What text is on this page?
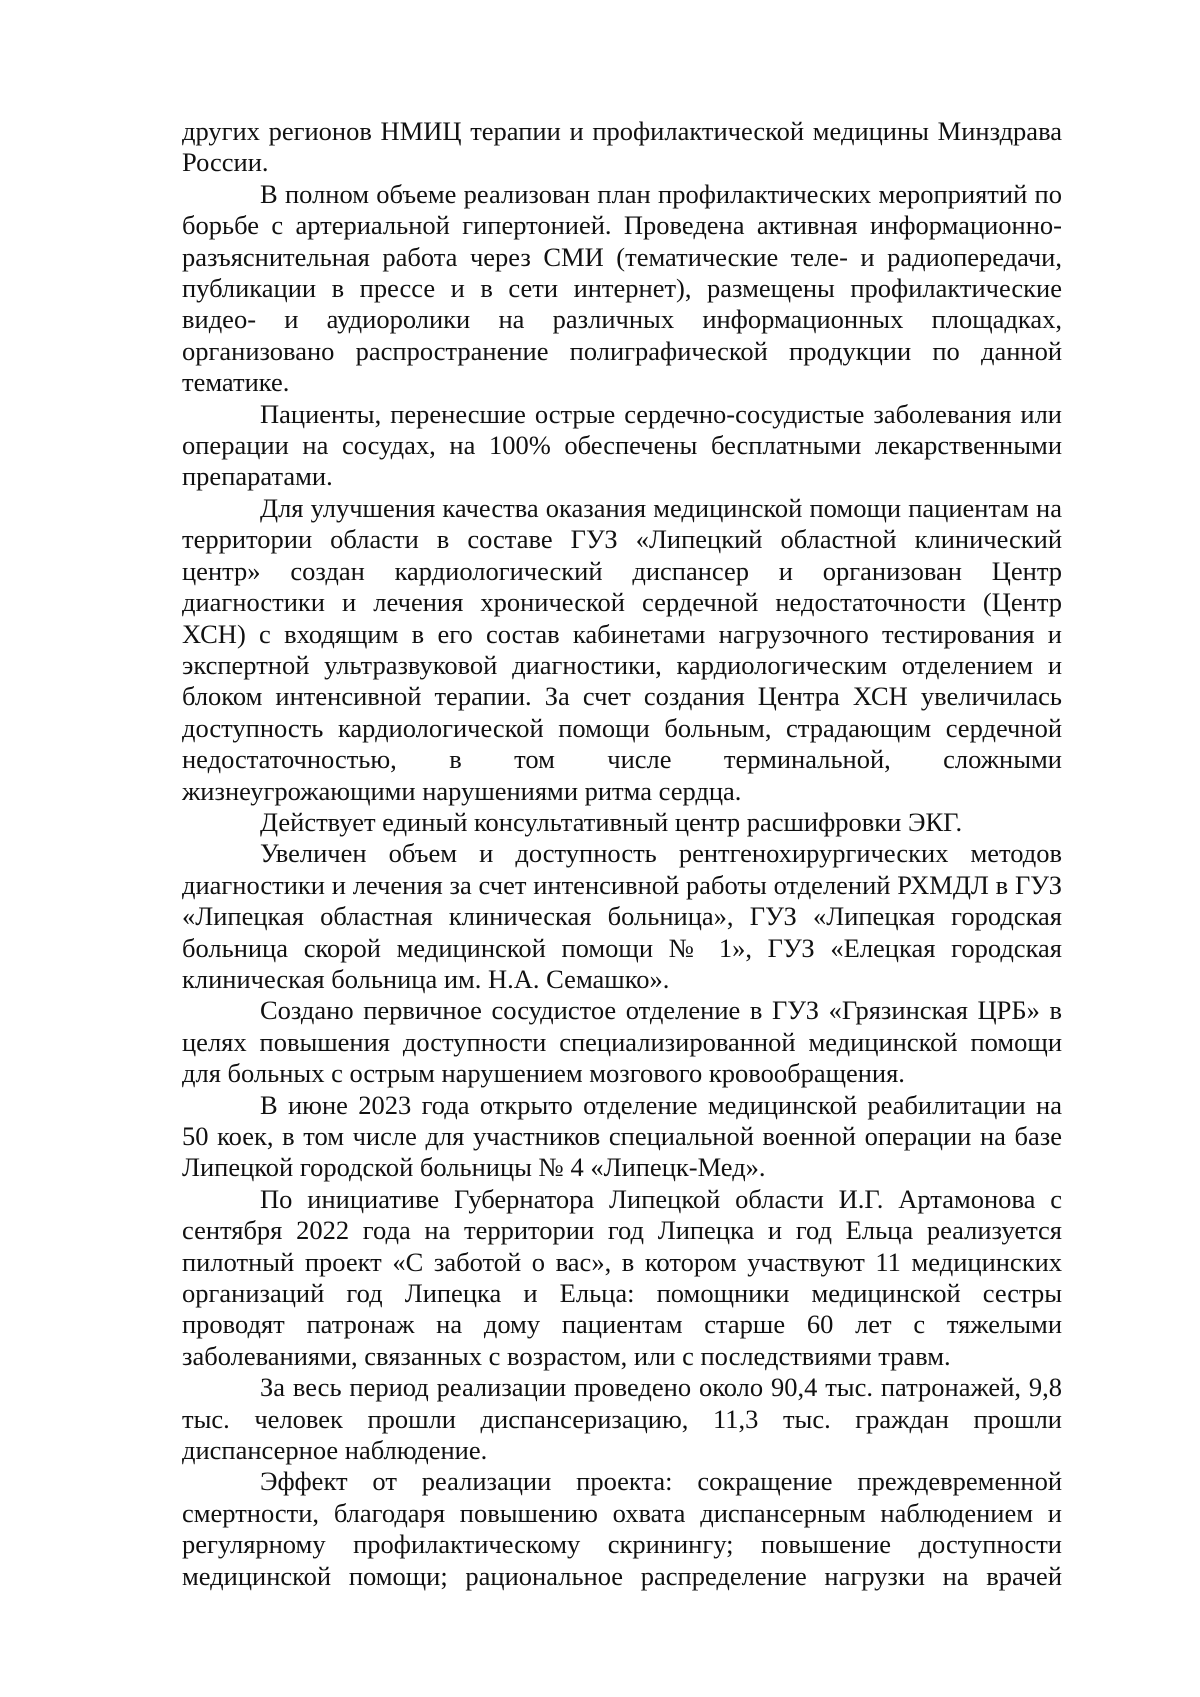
других регионов НМИЦ терапии и профилактической медицины Минздрава России.

В полном объеме реализован план профилактических мероприятий по борьбе с артериальной гипертонией. Проведена активная информационно-разъяснительная работа через СМИ (тематические теле- и радиопередачи, публикации в прессе и в сети интернет), размещены профилактические видео- и аудиоролики на различных информационных площадках, организовано распространение полиграфической продукции по данной тематике.

Пациенты, перенесшие острые сердечно-сосудистые заболевания или операции на сосудах, на 100% обеспечены бесплатными лекарственными препаратами.

Для улучшения качества оказания медицинской помощи пациентам на территории области в составе ГУЗ «Липецкий областной клинический центр» создан кардиологический диспансер и организован Центр диагностики и лечения хронической сердечной недостаточности (Центр ХСН) с входящим в его состав кабинетами нагрузочного тестирования и экспертной ультразвуковой диагностики, кардиологическим отделением и блоком интенсивной терапии. За счет создания Центра ХСН увеличилась доступность кардиологической помощи больным, страдающим сердечной недостаточностью, в том числе терминальной, сложными жизнеугрожающими нарушениями ритма сердца.

Действует единый консультативный центр расшифровки ЭКГ.

Увеличен объем и доступность рентгенохирургических методов диагностики и лечения за счет интенсивной работы отделений РХМДЛ в ГУЗ «Липецкая областная клиническая больница», ГУЗ «Липецкая городская больница скорой медицинской помощи № 1», ГУЗ «Елецкая городская клиническая больница им. Н.А. Семашко».

Создано первичное сосудистое отделение в ГУЗ «Грязинская ЦРБ» в целях повышения доступности специализированной медицинской помощи для больных с острым нарушением мозгового кровообращения.

В июне 2023 года открыто отделение медицинской реабилитации на 50 коек, в том числе для участников специальной военной операции на базе Липецкой городской больницы № 4 «Липецк-Мед».

По инициативе Губернатора Липецкой области И.Г. Артамонова с сентября 2022 года на территории год Липецка и год Ельца реализуется пилотный проект «С заботой о вас», в котором участвуют 11 медицинских организаций год Липецка и Ельца: помощники медицинской сестры проводят патронаж на дому пациентам старше 60 лет с тяжелыми заболеваниями, связанных с возрастом, или с последствиями травм.

За весь период реализации проведено около 90,4 тыс. патронажей, 9,8 тыс. человек прошли диспансеризацию, 11,3 тыс. граждан прошли диспансерное наблюдение.

Эффект от реализации проекта: сокращение преждевременной смертности, благодаря повышению охвата диспансерным наблюдением и регулярному профилактическому скринингу; повышение доступности медицинской помощи; рациональное распределение нагрузки на врачей
